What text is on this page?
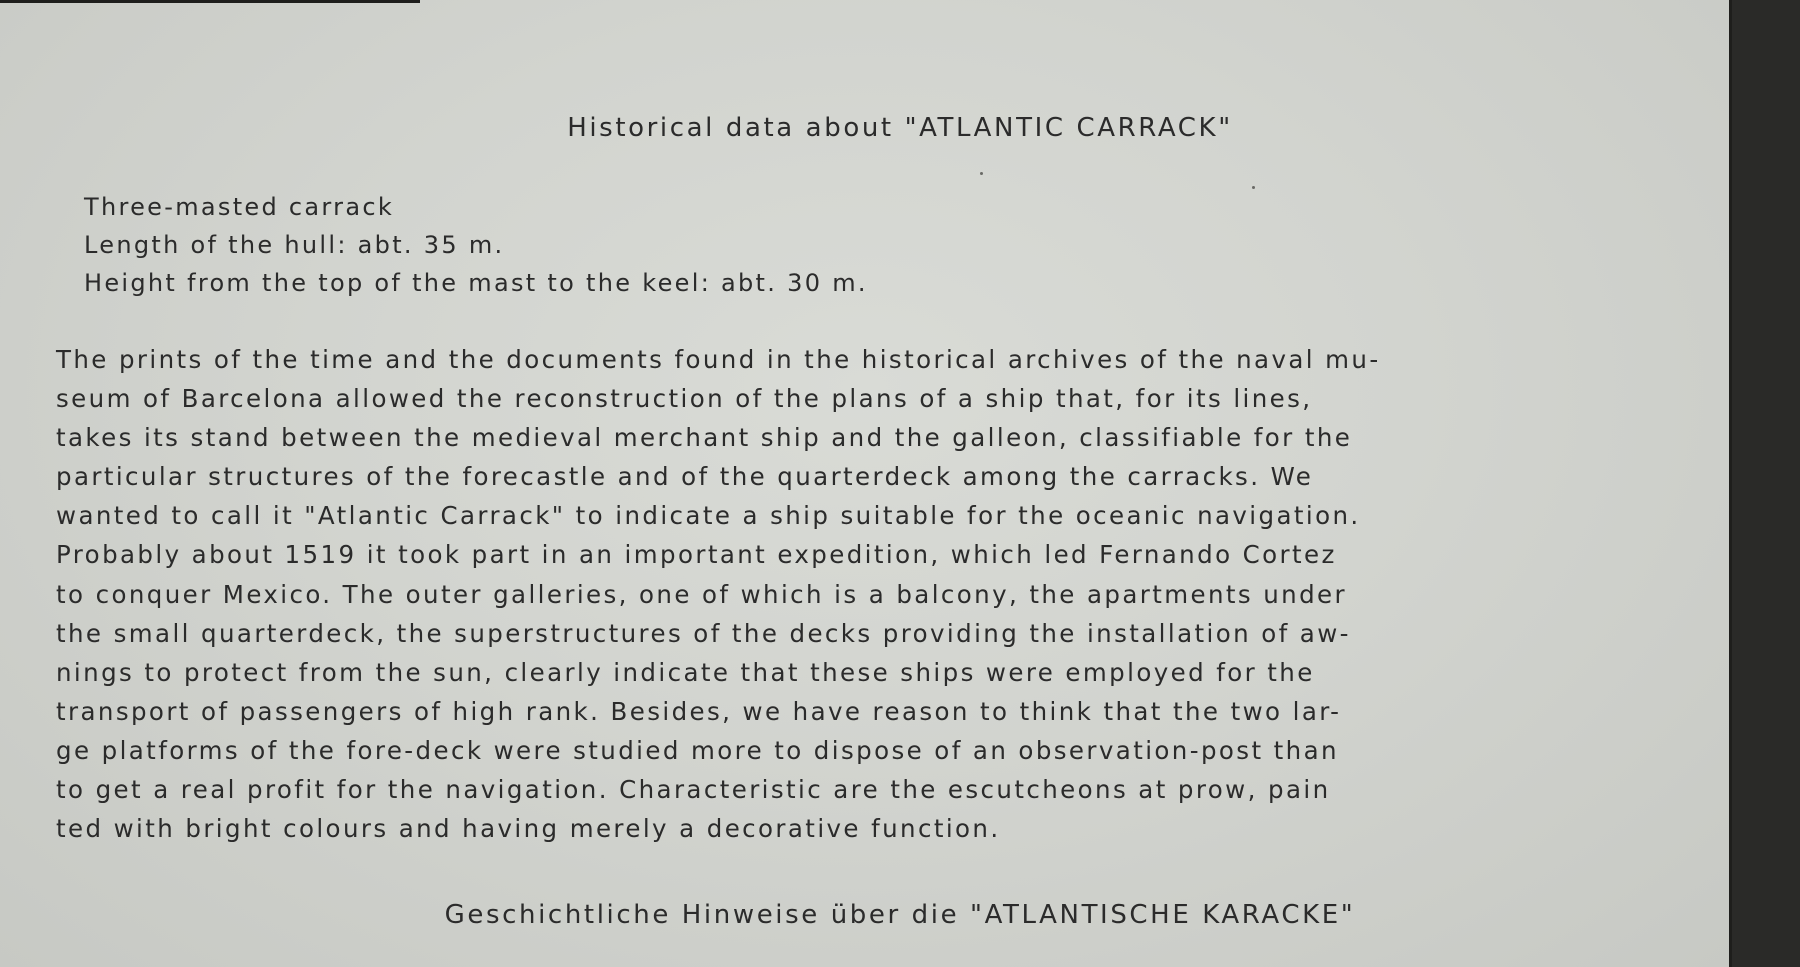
Historical data about "ATLANTIC CARRACK"
Three-masted carrack
Length of the hull: abt. 35 m.
Height from the top of the mast to the keel: abt. 30 m.
The prints of the time and the documents found in the historical archives of the naval mu-
seum of Barcelona allowed the reconstruction of the plans of a ship that, for its lines,
takes its stand between the medieval merchant ship and the galleon, classifiable for the
particular structures of the forecastle and of the quarterdeck among the carracks. We
wanted to call it "Atlantic Carrack" to indicate a ship suitable for the oceanic navigation.
Probably about 1519 it took part in an important expedition, which led Fernando Cortez
to conquer Mexico. The outer galleries, one of which is a balcony, the apartments under
the small quarterdeck, the superstructures of the decks providing the installation of aw-
nings to protect from the sun, clearly indicate that these ships were employed for the
transport of passengers of high rank. Besides, we have reason to think that the two lar-
ge platforms of the fore-deck were studied more to dispose of an observation-post than
to get a real profit for the navigation. Characteristic are the escutcheons at prow, pain
ted with bright colours and having merely a decorative function.
Geschichtliche Hinweise über die "ATLANTISCHE KARACKE"
